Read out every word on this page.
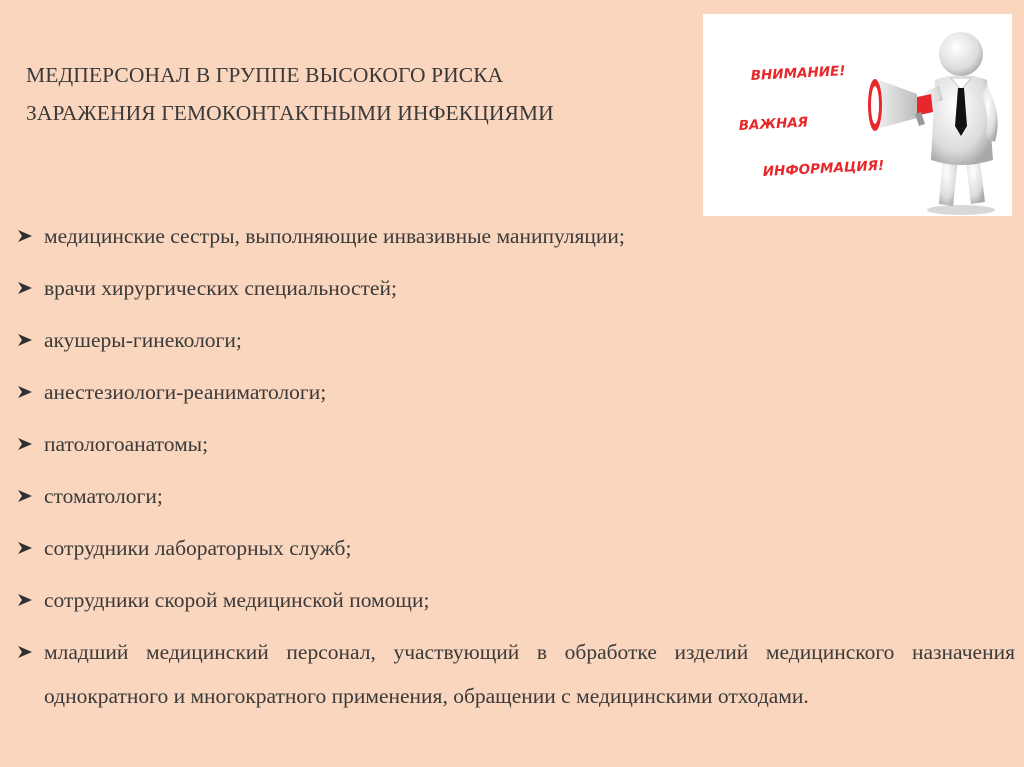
МЕДПЕРСОНАЛ В ГРУППЕ ВЫСОКОГО РИСКА
ЗАРАЖЕНИЯ ГЕМОКОНТАКТНЫМИ ИНФЕКЦИЯМИ
ВНИМАНИЕ!
ВАЖНАЯ
ИНФОРМАЦИЯ!
медицинские сестры, выполняющие инвазивные манипуляции;
врачи хирургических специальностей;
акушеры-гинекологи;
анестезиологи-реаниматологи;
патологоанатомы;
стоматологи;
сотрудники лабораторных служб;
сотрудники скорой медицинской помощи;
младший медицинский персонал, участвующий в обработке изделий медицинского назначения однократного и многократного применения, обращении с медицинскими отходами.
